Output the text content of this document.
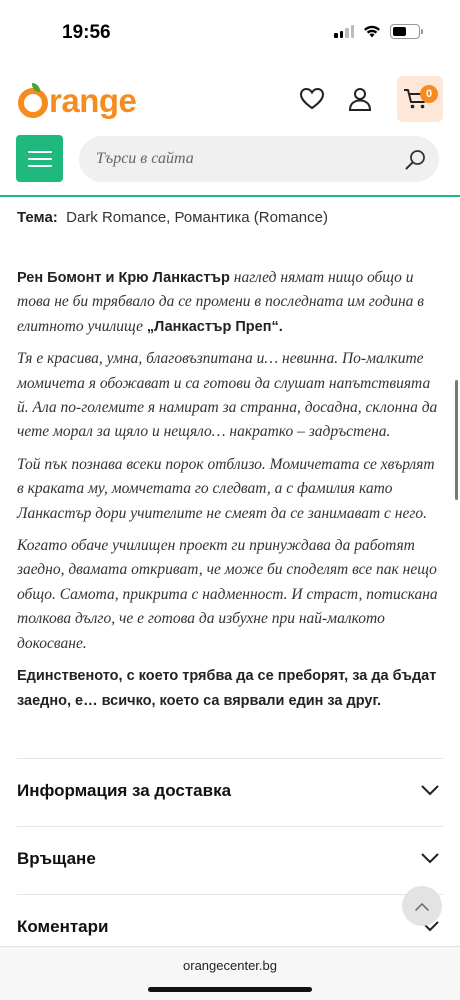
19:56
range	0
Търси в сайта
Тема: Dark Romance, Романтика (Romance)

Рен Бомонт и Крю Ланкастър наглед нямат нищо общо и това не би трябвало да се промени в последната им година в елитното училище „Ланкастър Преп“.

Тя е красива, умна, благовъзпитана и… невинна. По-малките момичета я обожават и са готови да слушат напътствията й. Ала по-големите я намират за странна, досадна, склонна да чете морал за щяло и нещяло… накратко – задръстена.

Той пък познава всеки порок отблизо. Момичетата се хвърлят в краката му, момчетата го следват, а с фамилия като Ланкастър дори учителите не смеят да се занимават с него.

Когато обаче училищен проект ги принуждава да работят заедно, двамата откриват, че може би споделят все пак нещо общо. Самота, прикрита с надменност. И страст, потискана толкова дълго, че е готова да избухне при най-малкото докосване.

Единственото, с което трябва да се преборят, за да бъдат заедно, е… всичко, което са вярвали един за друг.

Информация за доставка
Връщане
Коментари
orangecenter.bg
